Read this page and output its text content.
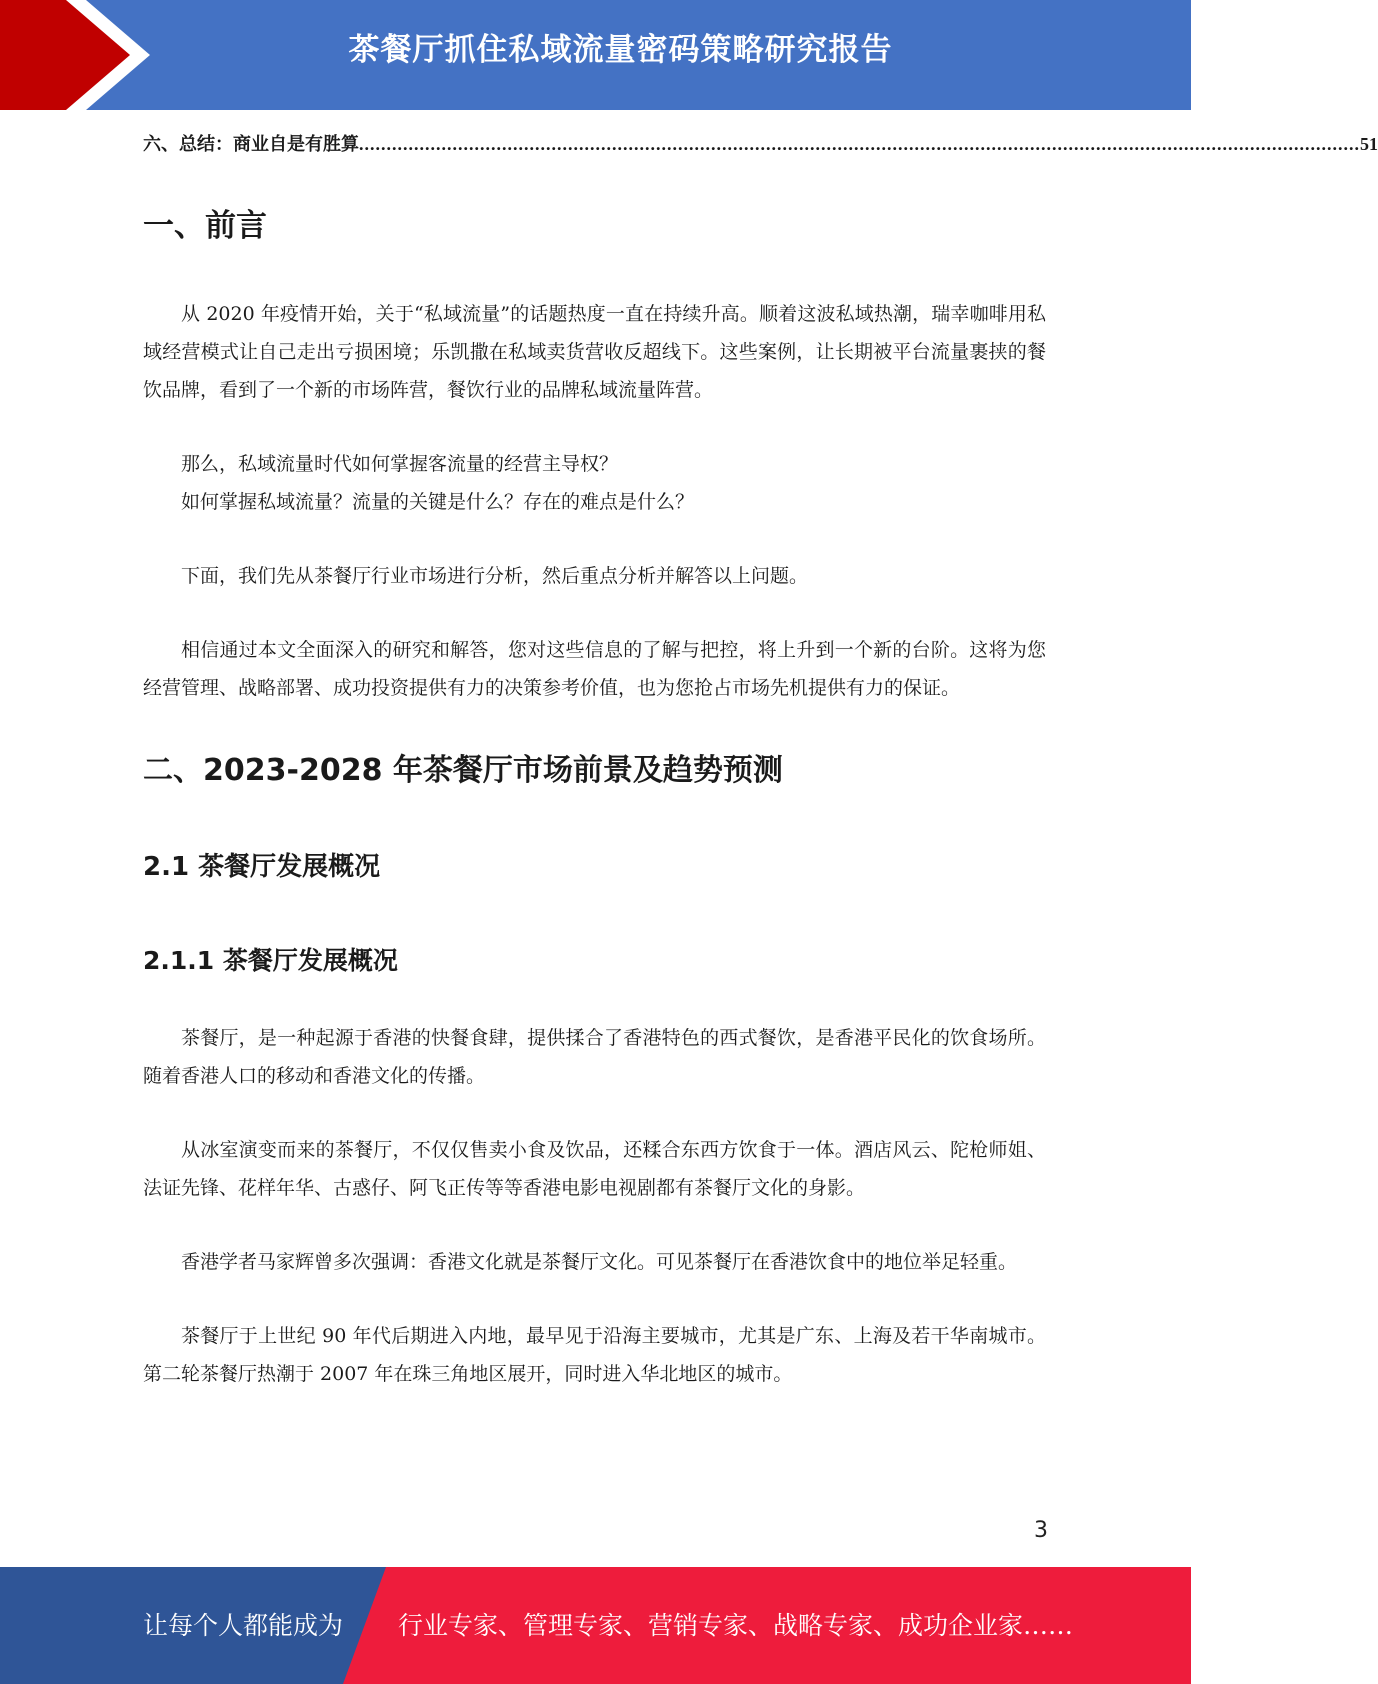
茶餐厅抓住私域流量密码策略研究报告
六、总结：商业自是有胜算 ...................................................................................................................................................................................... 51
一、前言

从 2020 年疫情开始，关于“私域流量”的话题热度一直在持续升高。顺着这波私域热潮，瑞幸咖啡用私域经营模式让自己走出亏损困境；乐凯撒在私域卖货营收反超线下。这些案例，让长期被平台流量裹挟的餐饮品牌，看到了一个新的市场阵营，餐饮行业的品牌私域流量阵营。

那么，私域流量时代如何掌握客流量的经营主导权？

如何掌握私域流量？流量的关键是什么？存在的难点是什么？

下面，我们先从茶餐厅行业市场进行分析，然后重点分析并解答以上问题。

相信通过本文全面深入的研究和解答，您对这些信息的了解与把控，将上升到一个新的台阶。这将为您经营管理、战略部署、成功投资提供有力的决策参考价值，也为您抢占市场先机提供有力的保证。

二、2023-2028 年茶餐厅市场前景及趋势预测
2.1 茶餐厅发展概况
2.1.1 茶餐厅发展概况

茶餐厅，是一种起源于香港的快餐食肆，提供揉合了香港特色的西式餐饮，是香港平民化的饮食场所。随着香港人口的移动和香港文化的传播。

从冰室演变而来的茶餐厅，不仅仅售卖小食及饮品，还糅合东西方饮食于一体。酒店风云、陀枪师姐、法证先锋、花样年华、古惑仔、阿飞正传等等香港电影电视剧都有茶餐厅文化的身影。

香港学者马家辉曾多次强调：香港文化就是茶餐厅文化。可见茶餐厅在香港饮食中的地位举足轻重。

茶餐厅于上世纪 90 年代后期进入内地，最早见于沿海主要城市，尤其是广东、上海及若干华南城市。第二轮茶餐厅热潮于 2007 年在珠三角地区展开，同时进入华北地区的城市。

3
让每个人都能成为 行业专家、管理专家、营销专家、战略专家、成功企业家……
